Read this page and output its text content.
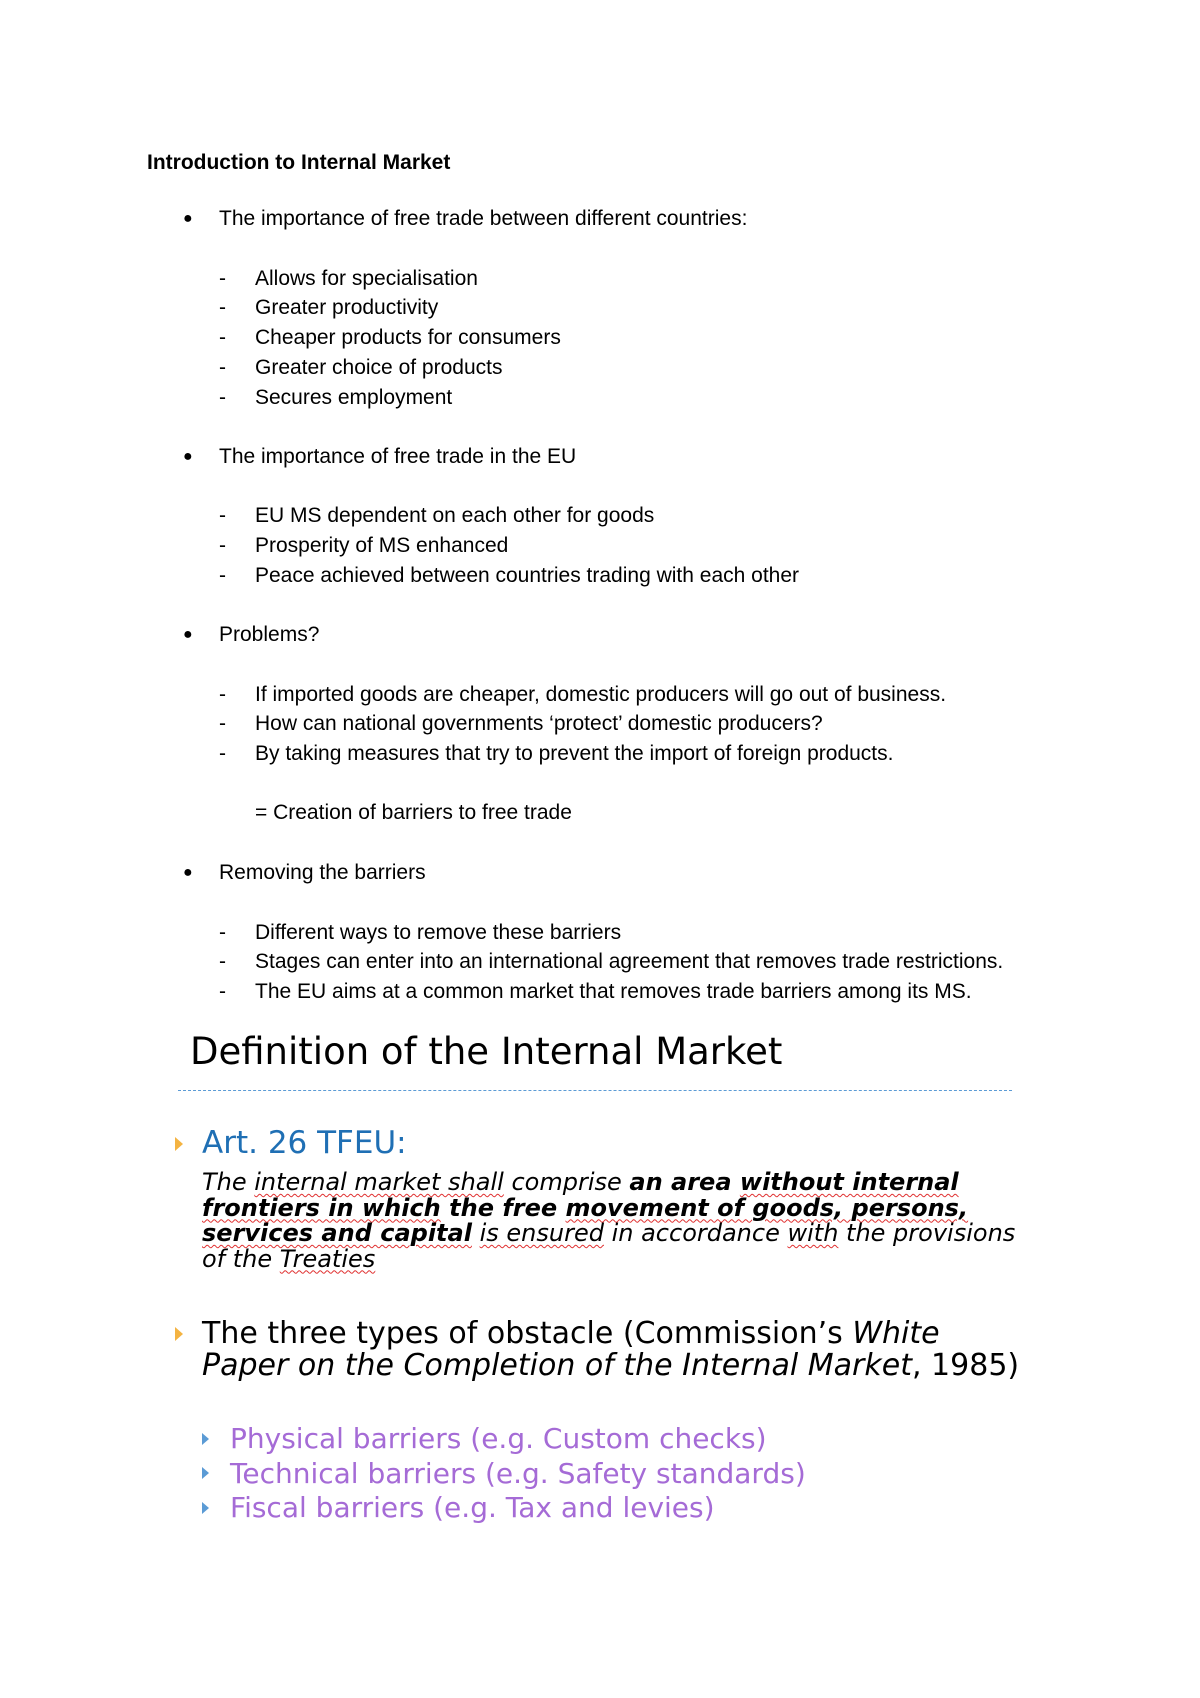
Introduction to Internal Market
● The importance of free trade between different countries:
- Allows for specialisation
- Greater productivity
- Cheaper products for consumers
- Greater choice of products
- Secures employment
● The importance of free trade in the EU
- EU MS dependent on each other for goods
- Prosperity of MS enhanced
- Peace achieved between countries trading with each other
● Problems?
- If imported goods are cheaper, domestic producers will go out of business.
- How can national governments ‘protect’ domestic producers?
- By taking measures that try to prevent the import of foreign products.
= Creation of barriers to free trade
● Removing the barriers
- Different ways to remove these barriers
- Stages can enter into an international agreement that removes trade restrictions.
- The EU aims at a common market that removes trade barriers among its MS.
Definition of the Internal Market
Art. 26 TFEU:
The internal market shall comprise an area without internal frontiers in which the free movement of goods, persons, services and capital is ensured in accordance with the provisions of the Treaties
The three types of obstacle (Commission’s White Paper on the Completion of the Internal Market, 1985)
Physical barriers (e.g. Custom checks)
Technical barriers (e.g. Safety standards)
Fiscal barriers (e.g. Tax and levies)
